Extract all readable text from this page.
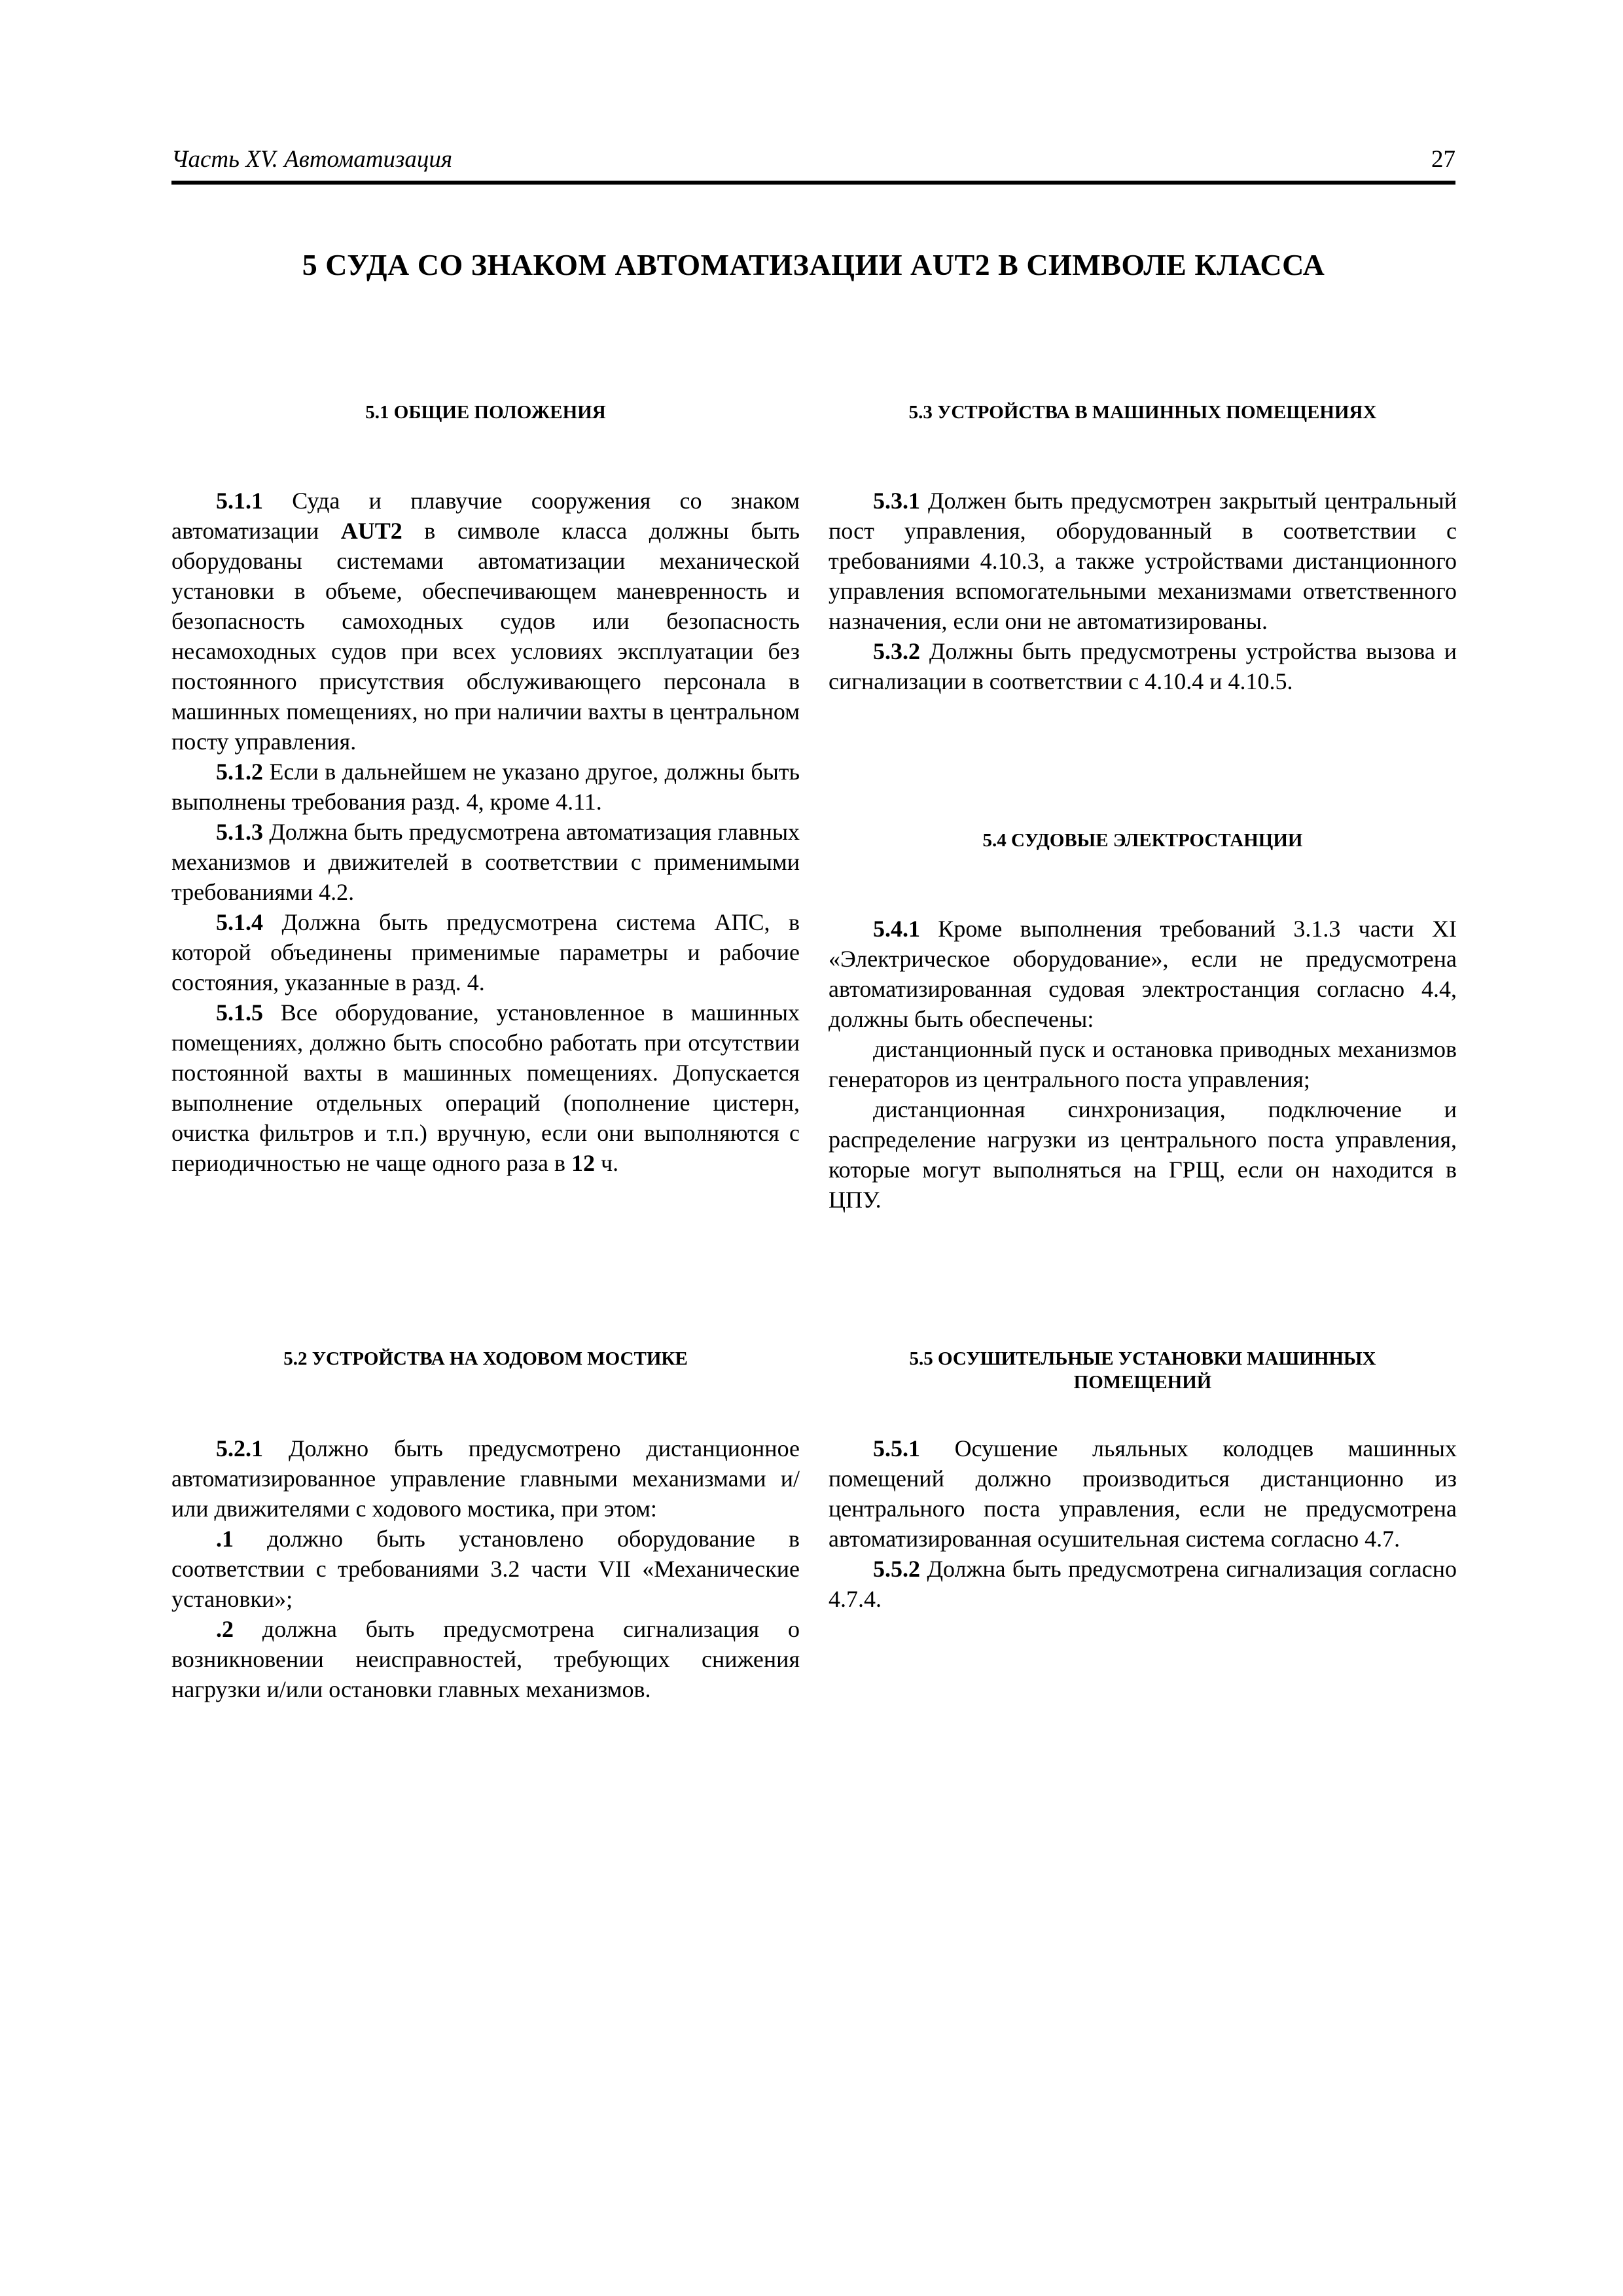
Часть XV. Автоматизация	27
5 СУДА СО ЗНАКОМ АВТОМАТИЗАЦИИ AUT2 В СИМВОЛЕ КЛАССА
5.1 ОБЩИЕ ПОЛОЖЕНИЯ

5.1.1 Суда и плавучие сооружения со знаком автоматизации AUT2 в символе класса должны быть оборудованы системами автоматизации механической установки в объеме, обеспечивающем маневренность и безопасность самоходных судов или безопасность несамоходных судов при всех условиях эксплуатации без постоянного присутствия обслуживающего персонала в машинных помещениях, но при наличии вахты в центральном посту управления.

5.1.2 Если в дальнейшем не указано другое, должны быть выполнены требования разд. 4, кроме 4.11.

5.1.3 Должна быть предусмотрена автоматизация главных механизмов и движителей в соответствии с применимыми требованиями 4.2.

5.1.4 Должна быть предусмотрена система АПС, в которой объединены применимые параметры и рабочие состояния, указанные в разд. 4.

5.1.5 Все оборудование, установленное в машинных помещениях, должно быть способно работать при отсутствии постоянной вахты в машинных помещениях. Допускается выполнение отдельных операций (пополнение цистерн, очистка фильтров и т.п.) вручную, если они выполняются с периодичностью не чаще одного раза в 12 ч.

5.2 УСТРОЙСТВА НА ХОДОВОМ МОСТИКЕ

5.2.1 Должно быть предусмотрено дистанционное автоматизированное управление главными механизмами и/или движителями с ходового мостика, при этом:

.1 должно быть установлено оборудование в соответствии с требованиями 3.2 части VII «Механические установки»;

.2 должна быть предусмотрена сигнализация о возникновении неисправностей, требующих снижения нагрузки и/или остановки главных механизмов.

5.3 УСТРОЙСТВА В МАШИННЫХ ПОМЕЩЕНИЯХ

5.3.1 Должен быть предусмотрен закрытый центральный пост управления, оборудованный в соответствии с требованиями 4.10.3, а также устройствами дистанционного управления вспомогательными механизмами ответственного назначения, если они не автоматизированы.

5.3.2 Должны быть предусмотрены устройства вызова и сигнализации в соответствии с 4.10.4 и 4.10.5.

5.4 СУДОВЫЕ ЭЛЕКТРОСТАНЦИИ

5.4.1 Кроме выполнения требований 3.1.3 части XI «Электрическое оборудование», если не предусмотрена автоматизированная судовая электростанция согласно 4.4, должны быть обеспечены:

дистанционный пуск и остановка приводных механизмов генераторов из центрального поста управления;

дистанционная синхронизация, подключение и распределение нагрузки из центрального поста управления, которые могут выполняться на ГРЩ, если он находится в ЦПУ.

5.5 ОСУШИТЕЛЬНЫЕ УСТАНОВКИ МАШИННЫХ
ПОМЕЩЕНИЙ

5.5.1 Осушение льяльных колодцев машинных помещений должно производиться дистанционно из центрального поста управления, если не предусмотрена автоматизированная осушительная система согласно 4.7.

5.5.2 Должна быть предусмотрена сигнализация согласно 4.7.4.
